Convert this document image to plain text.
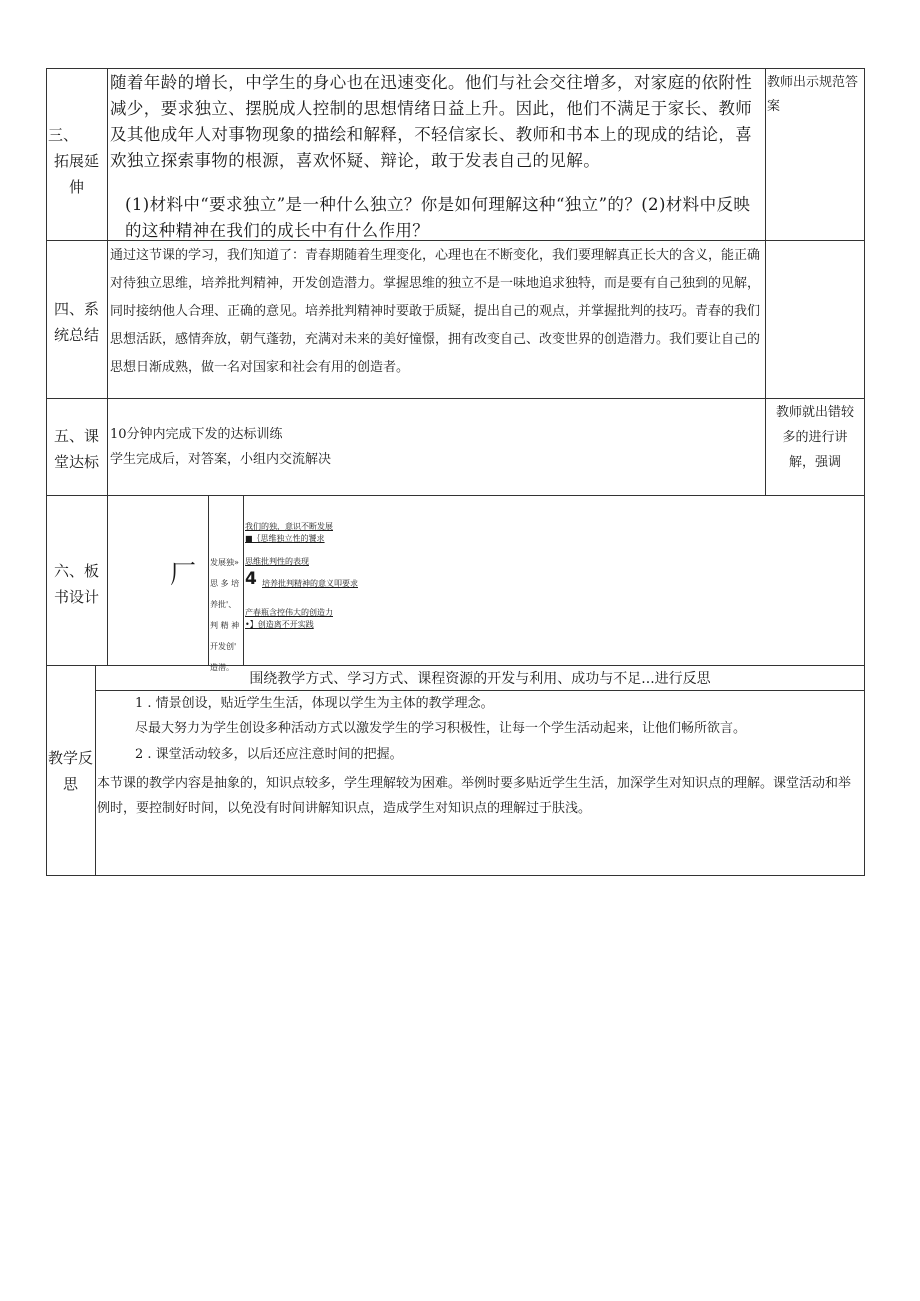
三、
拓展延
伸
随着年龄的增长，中学生的身心也在迅速变化。他们与社会交往增多，对家庭的依附性减少，要求独立、摆脱成人控制的思想情绪日益上升。因此，他们不满足于家长、教师及其他成年人对事物现象的描绘和解释，不轻信家长、教师和书本上的现成的结论，喜欢独立探索事物的根源，喜欢怀疑、辩论，敢于发表自己的见解。
(1)材料中“要求独立”是一种什么独立？你是如何理解这种“独立”的？(2)材料中反映的这种精神在我们的成长中有什么作用？
教师出示规范答案
四、系
统总结
通过这节课的学习，我们知道了：青春期随着生理变化，心理也在不断变化，我们要理解真正长大的含义，能正确对待独立思维，培养批判精神，开发创造潜力。掌握思维的独立不是一味地追求独特，而是要有自己独到的见解，同时接纳他人合理、正确的意见。培养批判精神时要敢于质疑，提出自己的观点，并掌握批判的技巧。青春的我们思想活跃，感情奔放，朝气蓬勃，充满对未来的美好憧憬，拥有改变自己、改变世界的创造潜力。我们要让自己的思想日渐成熟，做一名对国家和社会有用的创造者。
五、课
堂达标
10分钟内完成下发的达标训练
学生完成后，对答案，小组内交流解决
教师就出错较
多的进行讲
解，强调
六、板
书设计
厂 发展独»
思 多 培
养批'、
判 精 神
开发创'
造潜。
我们的独，意识不断发展
■｛思维独立性的饕求
思维批判性的表现
4 培养批判精神的意义叩要求
产春瓶含控伟大的创造力
•】创造离不开实践
教学反
思
围绕教学方式、学习方式、课程资源的开发与利用、成功与不足...进行反思
1 . 情景创设，贴近学生生活，体现以学生为主体的教学理念。
尽最大努力为学生创设多种活动方式以激发学生的学习积极性，让每一个学生活动起来，让他们畅所欲言。
2 . 课堂活动较多，以后还应注意时间的把握。
本节课的教学内容是抽象的，知识点较多，学生理解较为困难。举例时要多贴近学生生活，加深学生对知识点的理解。课堂活动和举例时，要控制好时间，以免没有时间讲解知识点，造成学生对知识点的理解过于肤浅。
